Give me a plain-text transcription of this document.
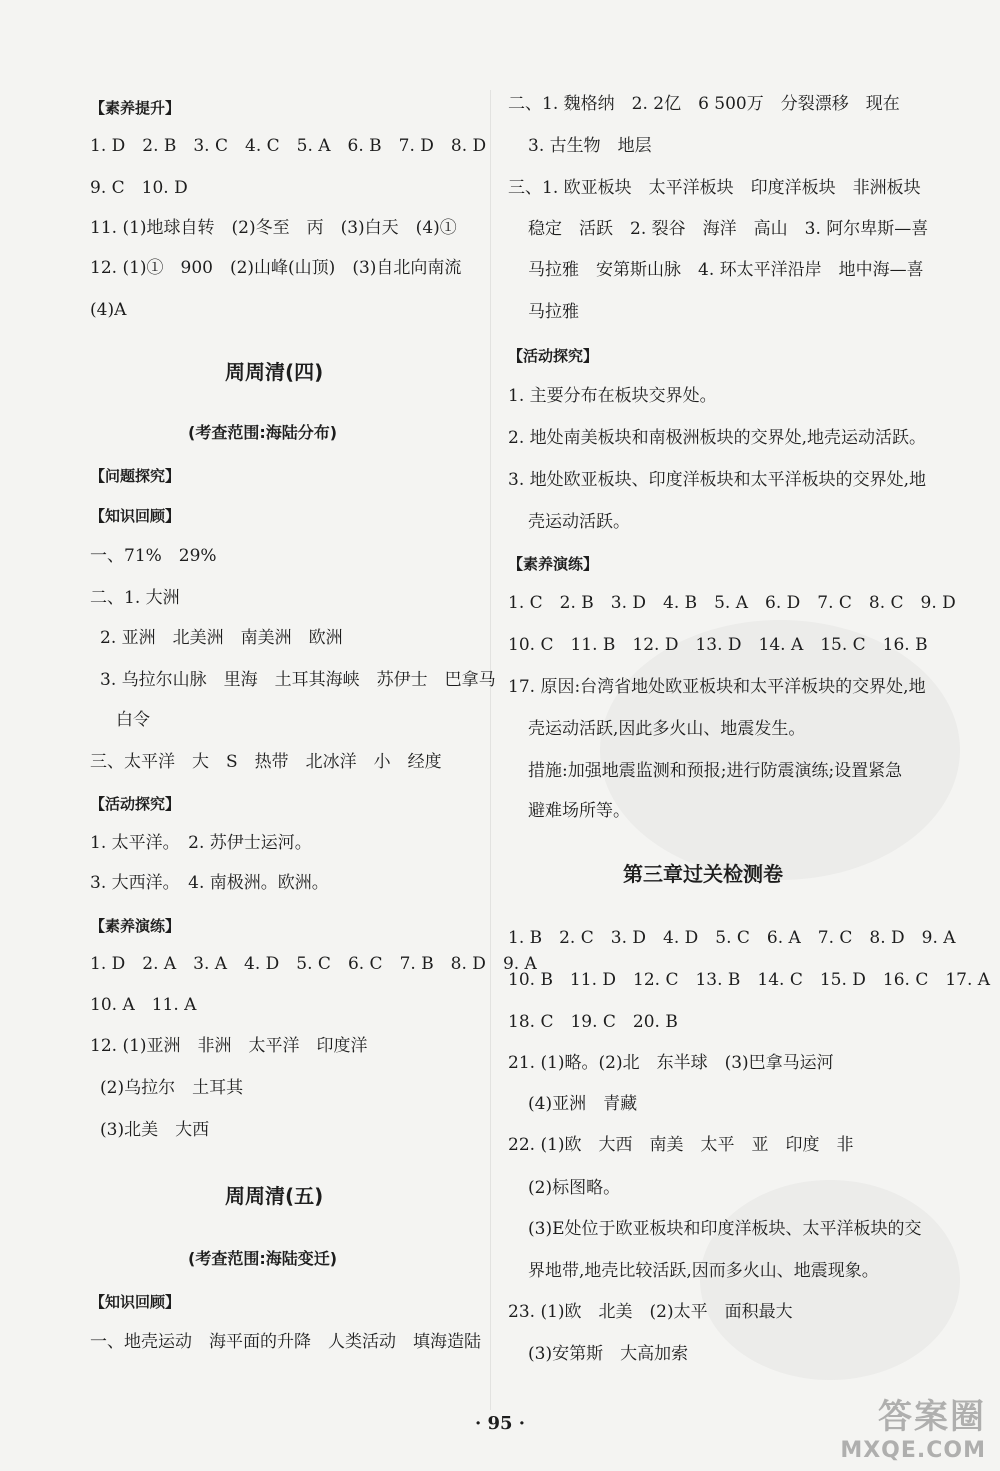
【素养提升】
1. D　2. B　3. C　4. C　5. A　6. B　7. D　8. D
9. C　10. D
11. (1)地球自转　(2)冬至　丙　(3)白天　(4)①
12. (1)①　900　(2)山峰(山顶)　(3)自北向南流
(4)A
周周清(四)
(考查范围:海陆分布)
【问题探究】
【知识回顾】
一、71%　29%
二、1. 大洲
2. 亚洲　北美洲　南美洲　欧洲
3. 乌拉尔山脉　里海　土耳其海峡　苏伊士　巴拿马
白令
三、太平洋　大　S　热带　北冰洋　小　经度
【活动探究】
1. 太平洋。　2. 苏伊士运河。
3. 大西洋。　4. 南极洲。欧洲。
【素养演练】
1. D　2. A　3. A　4. D　5. C　6. C　7. B　8. D　9. A
10. A　11. A
12. (1)亚洲　非洲　太平洋　印度洋
(2)乌拉尔　土耳其
(3)北美　大西
周周清(五)
(考查范围:海陆变迁)
【知识回顾】
一、地壳运动　海平面的升降　人类活动　填海造陆
二、1. 魏格纳　2. 2亿　6 500万　分裂漂移　现在
3. 古生物　地层
三、1. 欧亚板块　太平洋板块　印度洋板块　非洲板块
稳定　活跃　2. 裂谷　海洋　高山　3. 阿尔卑斯—喜
马拉雅　安第斯山脉　4. 环太平洋沿岸　地中海—喜
马拉雅
【活动探究】
1. 主要分布在板块交界处。
2. 地处南美板块和南极洲板块的交界处,地壳运动活跃。
3. 地处欧亚板块、印度洋板块和太平洋板块的交界处,地
壳运动活跃。
【素养演练】
1. C　2. B　3. D　4. B　5. A　6. D　7. C　8. C　9. D
10. C　11. B　12. D　13. D　14. A　15. C　16. B
17. 原因:台湾省地处欧亚板块和太平洋板块的交界处,地
壳运动活跃,因此多火山、地震发生。
措施:加强地震监测和预报;进行防震演练;设置紧急
避难场所等。
第三章过关检测卷
1. B　2. C　3. D　4. D　5. C　6. A　7. C　8. D　9. A
10. B　11. D　12. C　13. B　14. C　15. D　16. C　17. A
18. C　19. C　20. B
21. (1)略。(2)北　东半球　(3)巴拿马运河
(4)亚洲　青藏
22. (1)欧　大西　南美　太平　亚　印度　非
(2)标图略。
(3)E处位于欧亚板块和印度洋板块、太平洋板块的交
界地带,地壳比较活跃,因而多火山、地震现象。
23. (1)欧　北美　(2)太平　面积最大
(3)安第斯　大高加索
· 95 ·	答案圈
MXQE.COM
